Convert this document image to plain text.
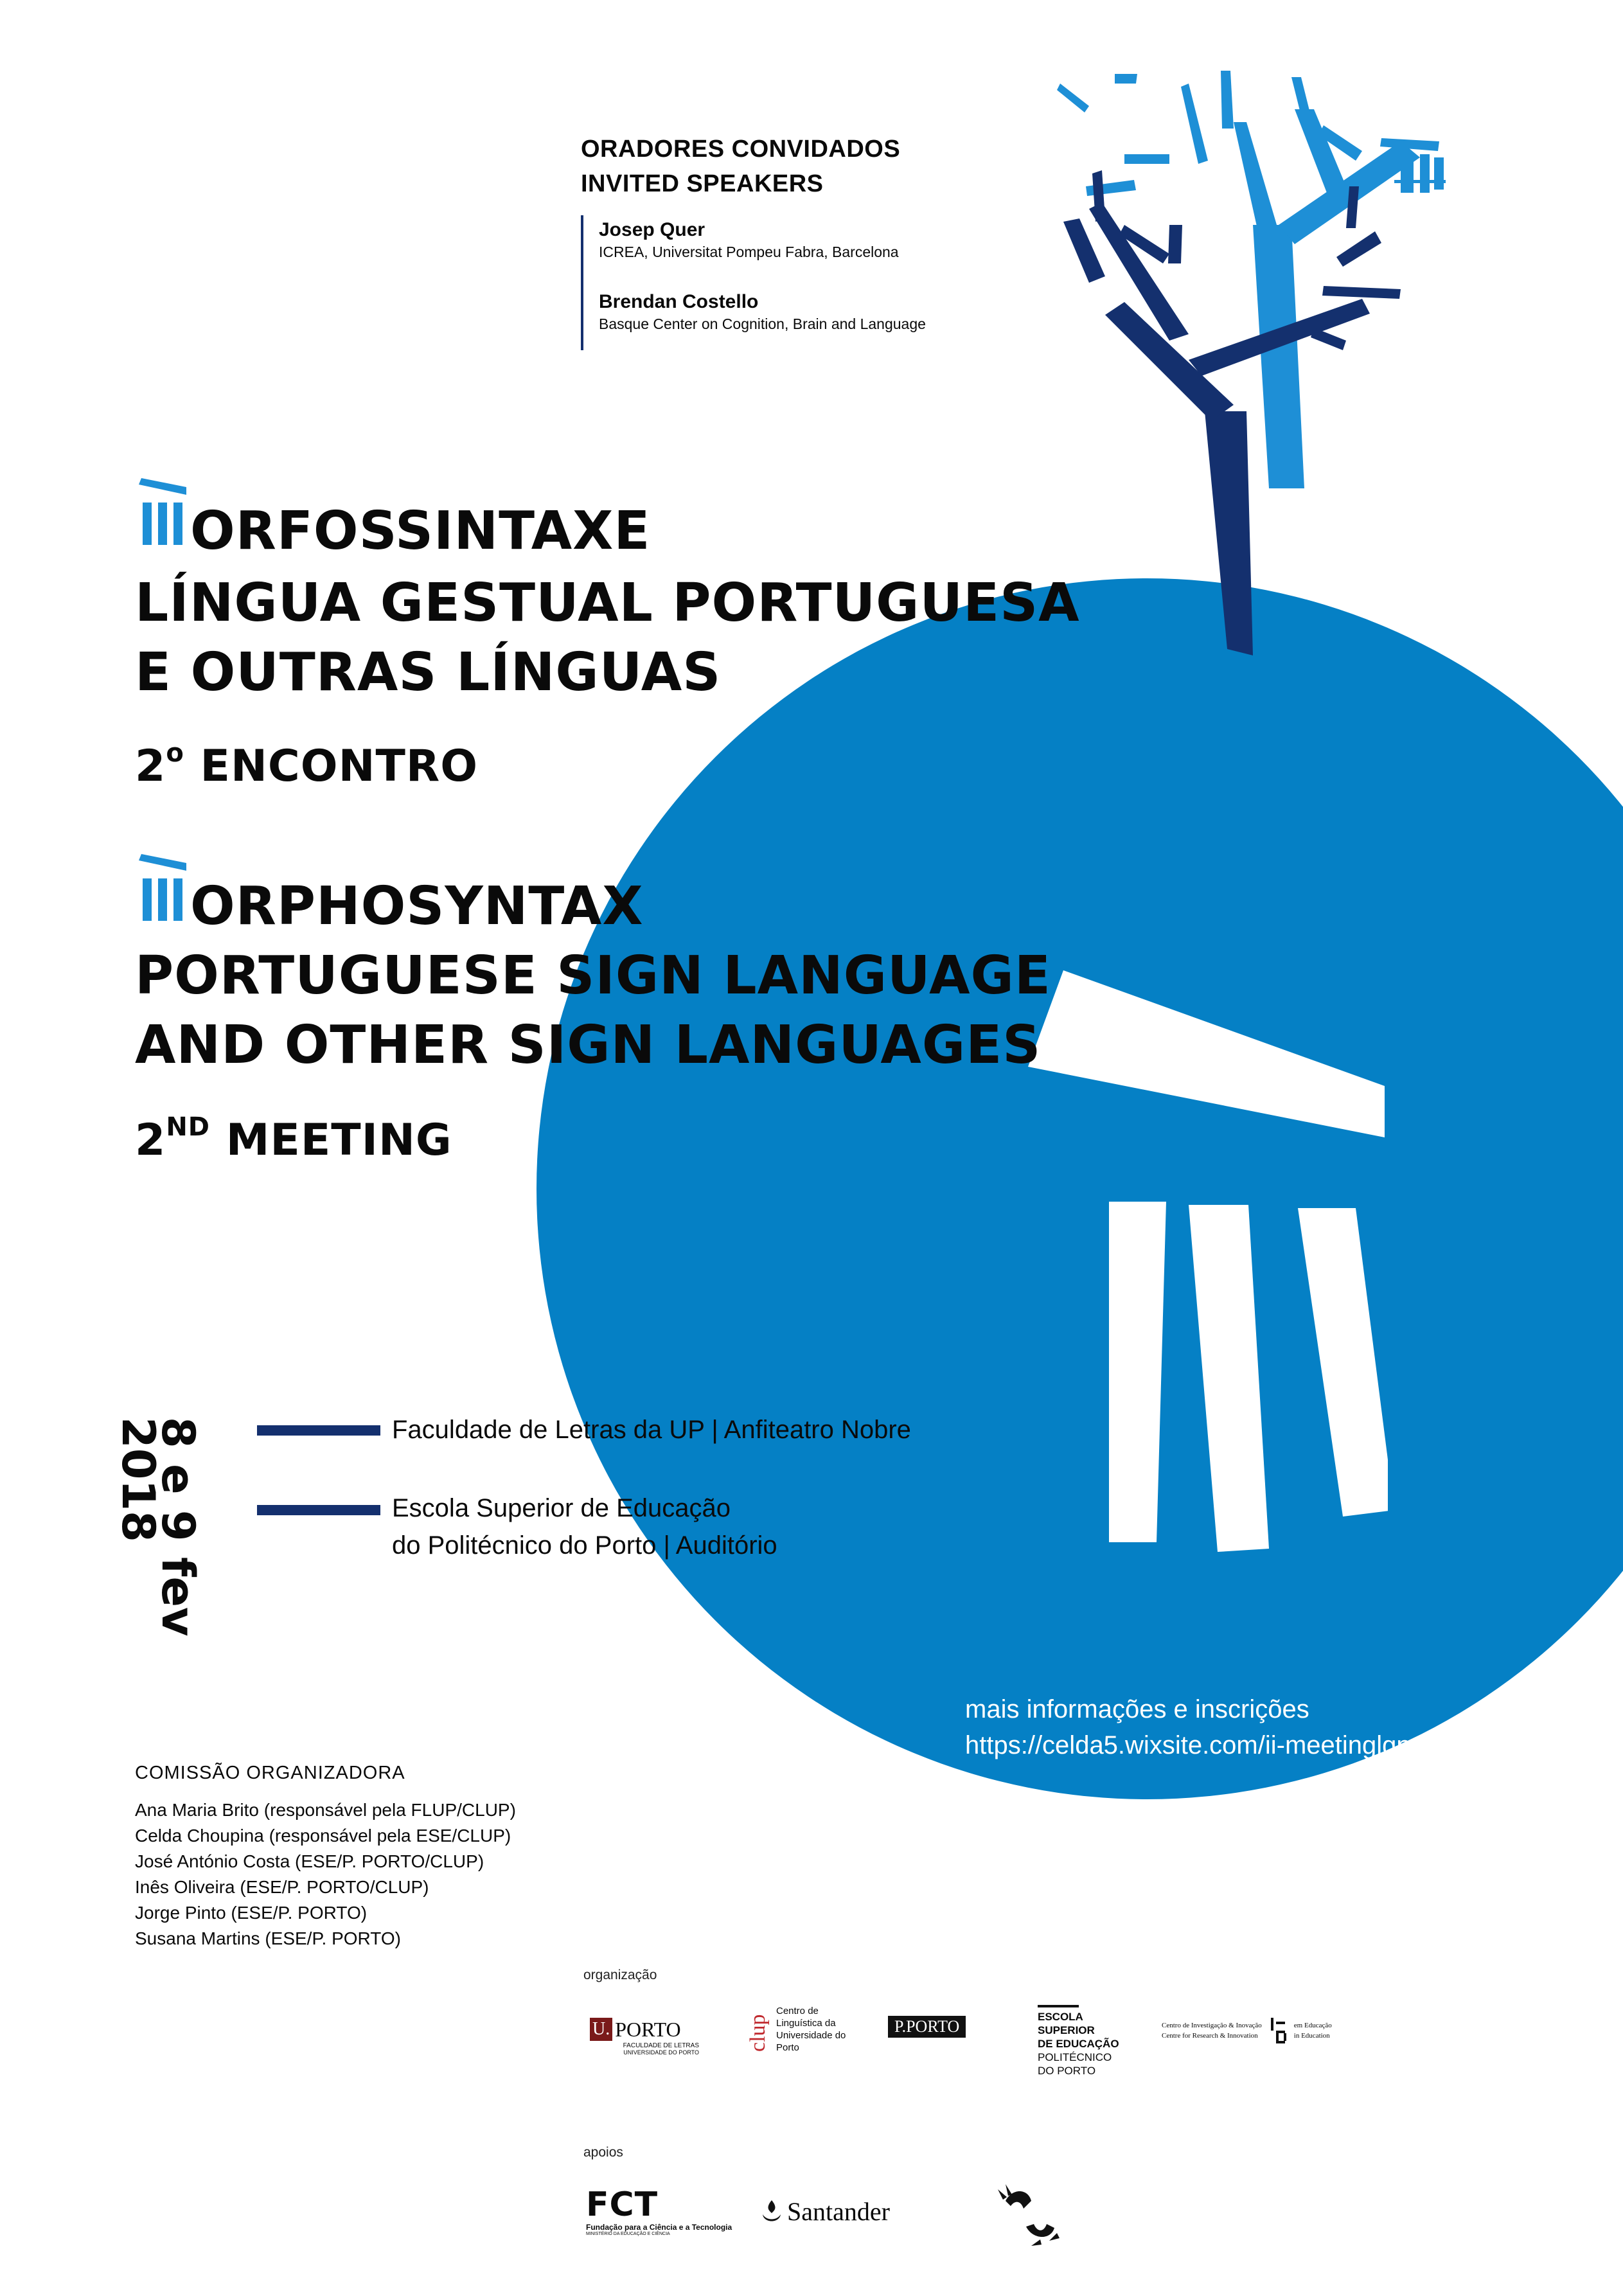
ORADORES CONVIDADOS
INVITED SPEAKERS
Josep Quer
ICREA, Universitat Pompeu Fabra, Barcelona
Brendan Costello
Basque Center on Cognition, Brain and Language
ORFOSSINTAXE
LÍNGUA GESTUAL PORTUGUESA
E OUTRAS LÍNGUAS
2$^o$ ENCONTRO
ORPHOSYNTAX
PORTUGUESE SIGN LANGUAGE
AND OTHER SIGN LANGUAGES
2ND MEETING
8 e 9 fev
2018	Faculdade de Letras da UP | Anfiteatro Nobre
Escola Superior de Educação
do Politécnico do Porto | Auditório
mais informações e inscrições
https://celda5.wixsite.com/ii-meetinglgp-2018
COMISSÃO ORGANIZADORA
Ana Maria Brito (responsável pela FLUP/CLUP)
Celda Choupina (responsável pela ESE/CLUP)
José António Costa (ESE/P. PORTO/CLUP)
Inês Oliveira (ESE/P. PORTO/CLUP)
Jorge Pinto (ESE/P. PORTO)
Susana Martins (ESE/P. PORTO)
organização
U. PORTO
FACULDADE DE LETRAS
UNIVERSIDADE DO PORTO
clup
Centro de
Linguística da
Universidade do
Porto
P.PORTO
ESCOLA
SUPERIOR
DE EDUCAÇÃO
POLITÉCNICO
DO PORTO
Centro de Investigação & Inovação
Centre for Research & Innovation
em Educação
in Education
apoios
FCT
Fundação para a Ciência e a Tecnologia
MINISTÉRIO DA EDUCAÇÃO E CIÊNCIA
Santander
